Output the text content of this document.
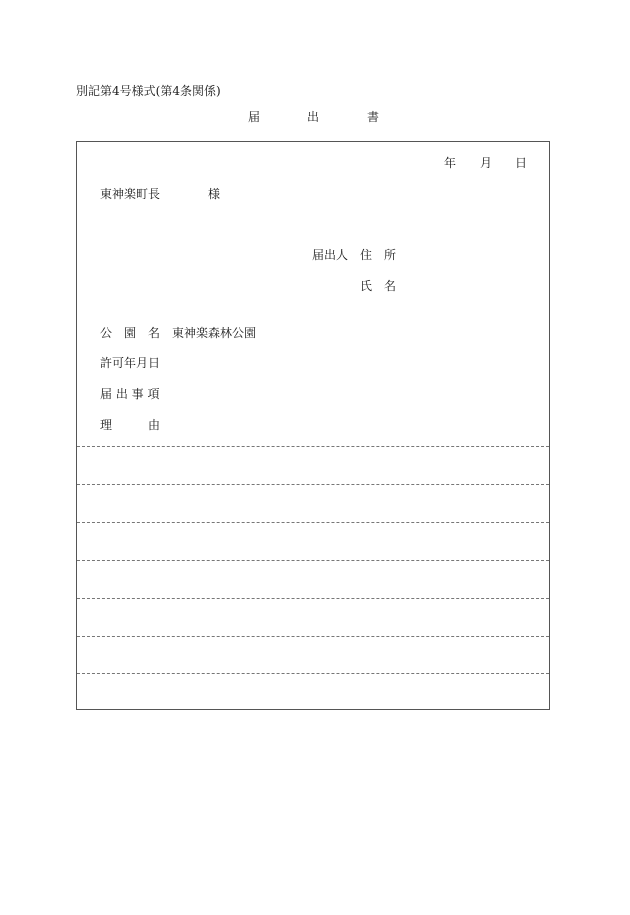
別記第4号様式(第4条関係)
届	出	書
年 月 日
東神楽町長	様
届出人 住　所
氏　名
公　園　名 東神楽森林公園
許可年月日
届 出 事 項
理	由
